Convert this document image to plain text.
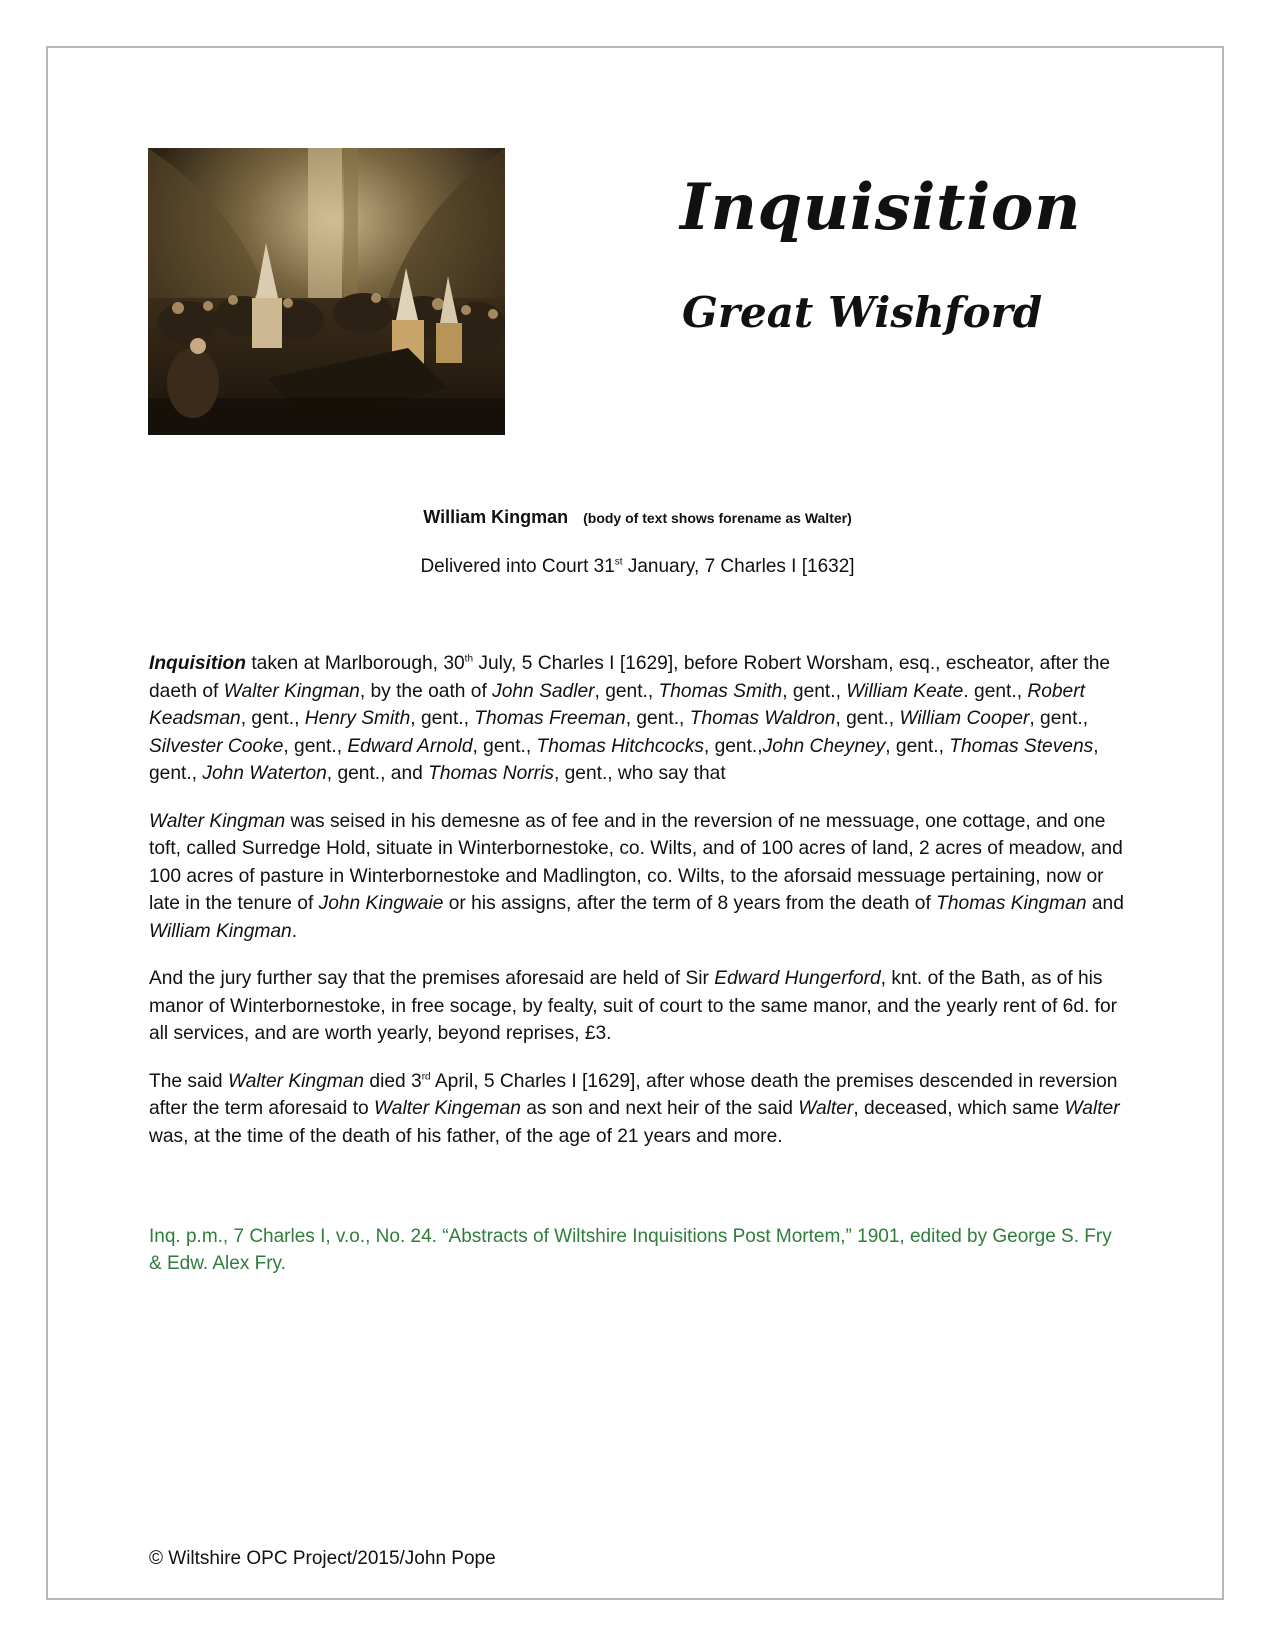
Inquisition
Great Wishford
William Kingman (body of text shows forename as Walter)
Delivered into Court 31st January, 7 Charles I [1632]

Inquisition taken at Marlborough, 30th July, 5 Charles I [1629], before Robert Worsham, esq., escheator, after the daeth of Walter Kingman, by the oath of John Sadler, gent., Thomas Smith, gent., William Keate. gent., Robert Keadsman, gent., Henry Smith, gent., Thomas Freeman, gent., Thomas Waldron, gent., William Cooper, gent., Silvester Cooke, gent., Edward Arnold, gent., Thomas Hitchcocks, gent.,John Cheyney, gent., Thomas Stevens, gent., John Waterton, gent., and Thomas Norris, gent., who say that

Walter Kingman was seised in his demesne as of fee and in the reversion of ne messuage, one cottage, and one toft, called Surredge Hold, situate in Winterbornestoke, co. Wilts, and of 100 acres of land, 2 acres of meadow, and 100 acres of pasture in Winterbornestoke and Madlington, co. Wilts, to the aforsaid messuage pertaining, now or late in the tenure of John Kingwaie or his assigns, after the term of 8 years from the death of Thomas Kingman and William Kingman.

And the jury further say that the premises aforesaid are held of Sir Edward Hungerford, knt. of the Bath, as of his manor of Winterbornestoke, in free socage, by fealty, suit of court to the same manor, and the yearly rent of 6d. for all services, and are worth yearly, beyond reprises, £3.

The said Walter Kingman died 3rd April, 5 Charles I [1629], after whose death the premises descended in reversion after the term aforesaid to Walter Kingeman as son and next heir of the said Walter, deceased, which same Walter was, at the time of the death of his father, of the age of 21 years and more.

Inq. p.m., 7 Charles I, v.o., No. 24. “Abstracts of Wiltshire Inquisitions Post Mortem,” 1901, edited by George S. Fry & Edw. Alex Fry.
© Wiltshire OPC Project/2015/John Pope
